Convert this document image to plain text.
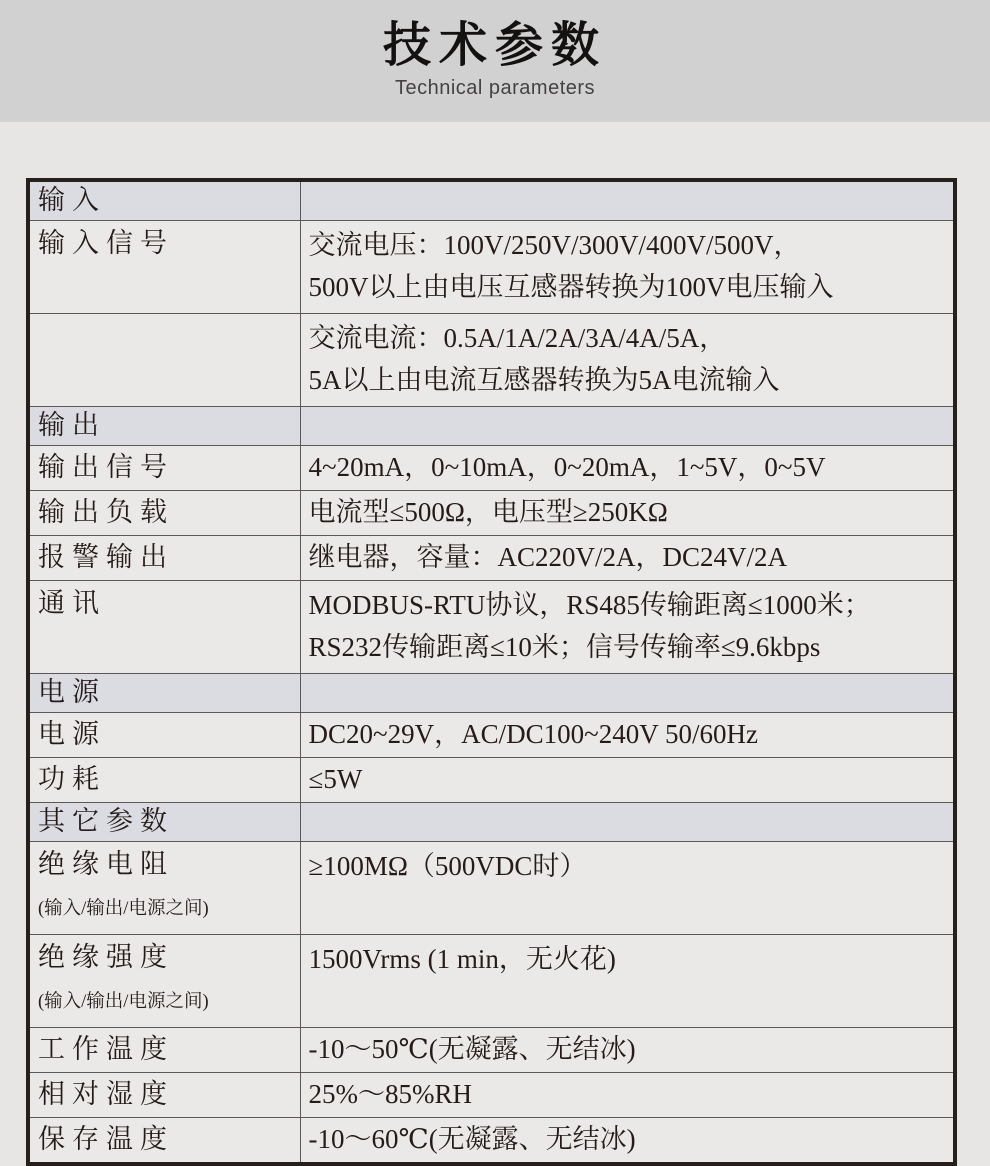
技术参数
Technical parameters
输入	

输入信号	交流电压：100V/250V/300V/400V/500V，
500V以上由电压互感器转换为100V电压输入

	交流电流：0.5A/1A/2A/3A/4A/5A，
5A以上由电流互感器转换为5A电流输入

输出	

输出信号	4~20mA，0~10mA，0~20mA，1~5V，0~5V

输出负载	电流型≤500Ω，电压型≥250KΩ

报警输出	继电器，容量：AC220V/2A，DC24V/2A

通讯	MODBUS-RTU协议，RS485传输距离≤1000米；
RS232传输距离≤10米；信号传输率≤9.6kbps

电源	

电源	DC20~29V，AC/DC100~240V 50/60Hz

功耗	≤5W

其它参数	

绝缘电阻
(输入/输出/电源之间)	≥100MΩ（500VDC时）

绝缘强度
(输入/输出/电源之间)	1500Vrms (1 min，无火花)

工作温度	-10～50℃(无凝露、无结冰)

相对湿度	25%～85%RH

保存温度	-10～60℃(无凝露、无结冰)
